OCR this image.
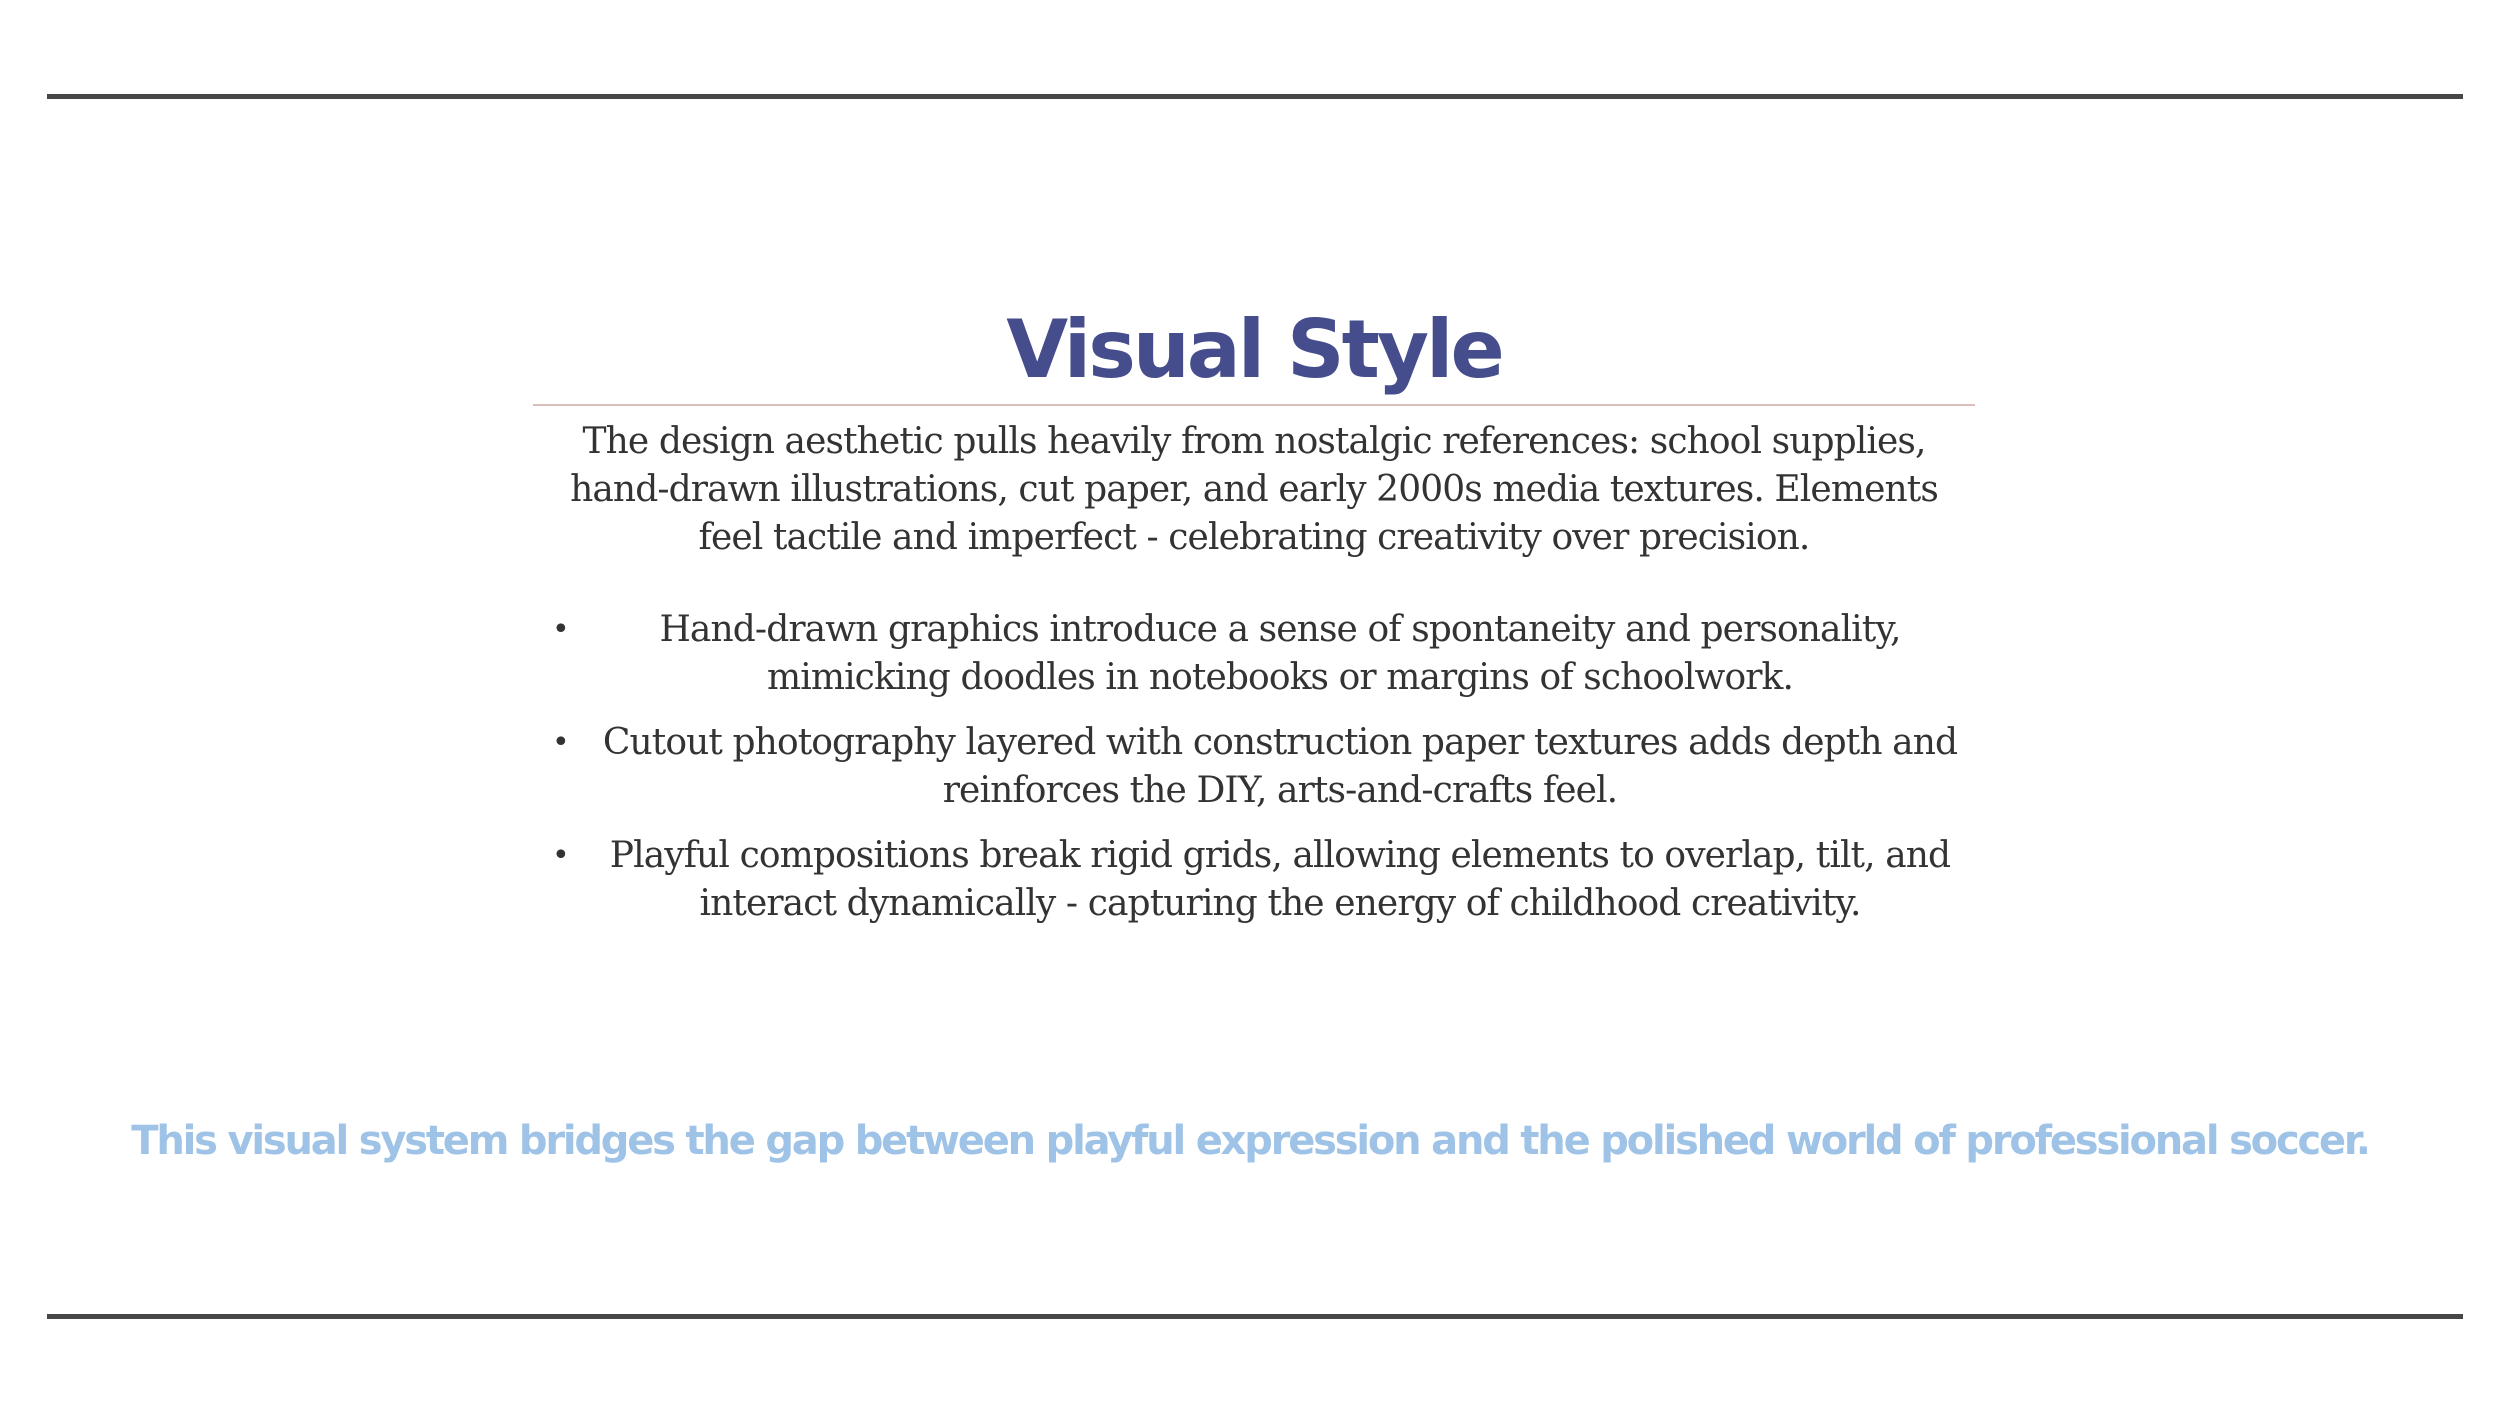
Visual Style

The design aesthetic pulls heavily from nostalgic references: school supplies, hand-drawn illustrations, cut paper, and early 2000s media textures. Elements feel tactile and imperfect - celebrating creativity over precision.

•	Hand-drawn graphics introduce a sense of spontaneity and personality, mimicking doodles in notebooks or margins of schoolwork.
• Cutout photography layered with construction paper textures adds depth and reinforces the DIY, arts-and-crafts feel.
•	Playful compositions break rigid grids, allowing elements to overlap, tilt, and interact dynamically - capturing the energy of childhood creativity.

This visual system bridges the gap between playful expression and the polished world of professional soccer.
